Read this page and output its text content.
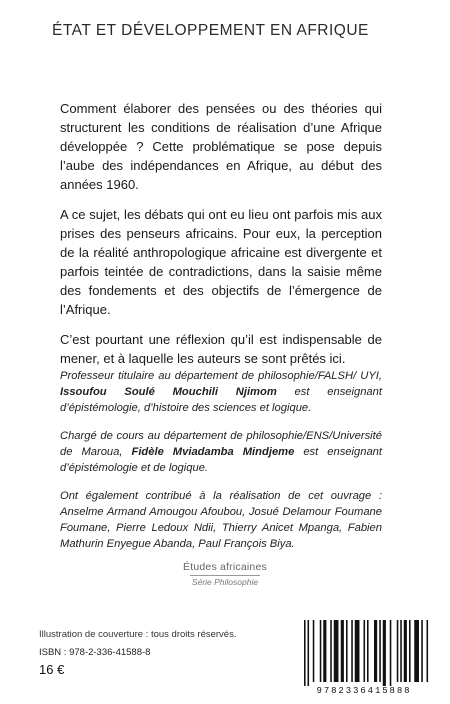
ÉTAT ET DÉVELOPPEMENT EN AFRIQUE

Comment élaborer des pensées ou des théories qui structurent les conditions de réalisation d’une Afrique développée ? Cette problématique se pose depuis l’aube des indépendances en Afrique, au début des années 1960.

A ce sujet, les débats qui ont eu lieu ont parfois mis aux prises des penseurs africains. Pour eux, la perception de la réalité anthropologique africaine est divergente et parfois teintée de contradictions, dans la saisie même des fondements et des objectifs de l’émergence de l’Afrique.

C’est pourtant une réflexion qu’il est indispensable de mener, et à laquelle les auteurs se sont prêtés ici.

Professeur titulaire au département de philosophie/FALSH/ UYI, Issoufou Soulé Mouchili Njimom est enseignant d’épistémologie, d’histoire des sciences et logique.

Chargé de cours au département de philosophie/ENS/Université de Maroua, Fidèle Mviadamba Mindjeme est enseignant d’épistémologie et de logique.

Ont également contribué à la réalisation de cet ouvrage : Anselme Armand Amougou Afoubou, Josué Delamour Foumane Foumane, Pierre Ledoux Ndii, Thierry Anicet Mpanga, Fabien Mathurin Enyegue Abanda, Paul François Biya.

Études africaines
Série Philosophie
Illustration de couverture : tous droits réservés.
ISBN : 978-2-336-41588-8
16 €
9782336415888
